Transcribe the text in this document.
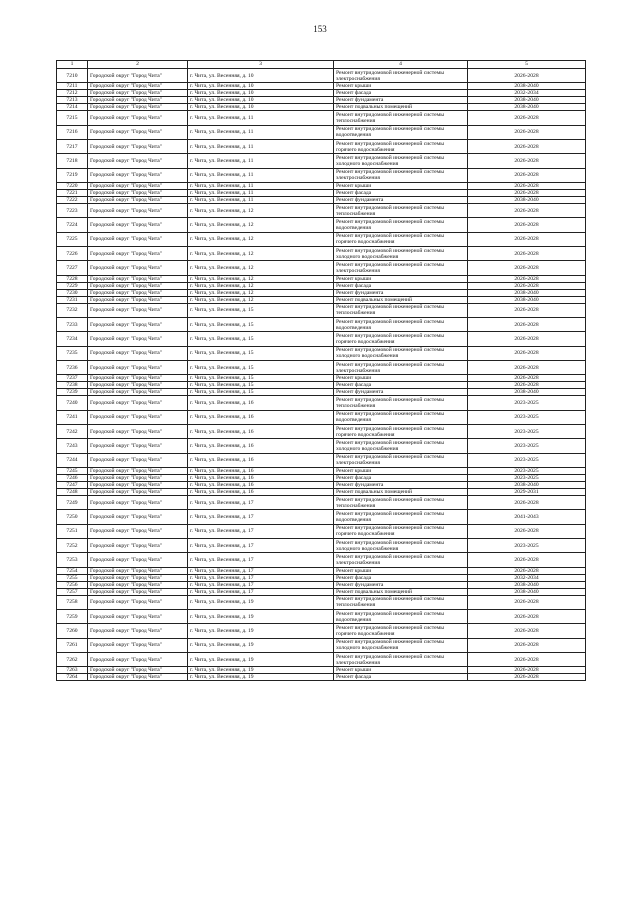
153
1	2	3	4	5
7210	Городской округ "Город Чита"	г. Чита, ул. Весенняя, д. 10	Ремонт внутридомовой инженерной системы электроснабжения	2026-2028
7211	Городской округ "Город Чита"	г. Чита, ул. Весенняя, д. 10	Ремонт крыши	2038-2040
7212	Городской округ "Город Чита"	г. Чита, ул. Весенняя, д. 10	Ремонт фасада	2032-2034
7213	Городской округ "Город Чита"	г. Чита, ул. Весенняя, д. 10	Ремонт фундамента	2038-2040
7214	Городской округ "Город Чита"	г. Чита, ул. Весенняя, д. 10	Ремонт подвальных помещений	2038-2040
7215	Городской округ "Город Чита"	г. Чита, ул. Весенняя, д. 11	Ремонт внутридомовой инженерной системы теплоснабжения	2026-2028
7216	Городской округ "Город Чита"	г. Чита, ул. Весенняя, д. 11	Ремонт внутридомовой инженерной системы водоотведения	2026-2028
7217	Городской округ "Город Чита"	г. Чита, ул. Весенняя, д. 11	Ремонт внутридомовой инженерной системы горячего водоснабжения	2026-2028
7218	Городской округ "Город Чита"	г. Чита, ул. Весенняя, д. 11	Ремонт внутридомовой инженерной системы холодного водоснабжения	2026-2028
7219	Городской округ "Город Чита"	г. Чита, ул. Весенняя, д. 11	Ремонт внутридомовой инженерной системы электроснабжения	2026-2028
7220	Городской округ "Город Чита"	г. Чита, ул. Весенняя, д. 11	Ремонт крыши	2026-2028
7221	Городской округ "Город Чита"	г. Чита, ул. Весенняя, д. 11	Ремонт фасада	2026-2028
7222	Городской округ "Город Чита"	г. Чита, ул. Весенняя, д. 11	Ремонт фундамента	2038-2040
7223	Городской округ "Город Чита"	г. Чита, ул. Весенняя, д. 12	Ремонт внутридомовой инженерной системы теплоснабжения	2026-2028
7224	Городской округ "Город Чита"	г. Чита, ул. Весенняя, д. 12	Ремонт внутридомовой инженерной системы водоотведения	2026-2028
7225	Городской округ "Город Чита"	г. Чита, ул. Весенняя, д. 12	Ремонт внутридомовой инженерной системы горячего водоснабжения	2026-2028
7226	Городской округ "Город Чита"	г. Чита, ул. Весенняя, д. 12	Ремонт внутридомовой инженерной системы холодного водоснабжения	2026-2028
7227	Городской округ "Город Чита"	г. Чита, ул. Весенняя, д. 12	Ремонт внутридомовой инженерной системы электроснабжения	2026-2028
7228	Городской округ "Город Чита"	г. Чита, ул. Весенняя, д. 12	Ремонт крыши	2026-2028
7229	Городской округ "Город Чита"	г. Чита, ул. Весенняя, д. 12	Ремонт фасада	2026-2028
7230	Городской округ "Город Чита"	г. Чита, ул. Весенняя, д. 12	Ремонт фундамента	2038-2040
7231	Городской округ "Город Чита"	г. Чита, ул. Весенняя, д. 12	Ремонт подвальных помещений	2038-2040
7232	Городской округ "Город Чита"	г. Чита, ул. Весенняя, д. 15	Ремонт внутридомовой инженерной системы теплоснабжения	2026-2028
7233	Городской округ "Город Чита"	г. Чита, ул. Весенняя, д. 15	Ремонт внутридомовой инженерной системы водоотведения	2026-2028
7234	Городской округ "Город Чита"	г. Чита, ул. Весенняя, д. 15	Ремонт внутридомовой инженерной системы горячего водоснабжения	2026-2028
7235	Городской округ "Город Чита"	г. Чита, ул. Весенняя, д. 15	Ремонт внутридомовой инженерной системы холодного водоснабжения	2026-2028
7236	Городской округ "Город Чита"	г. Чита, ул. Весенняя, д. 15	Ремонт внутридомовой инженерной системы электроснабжения	2026-2028
7237	Городской округ "Город Чита"	г. Чита, ул. Весенняя, д. 15	Ремонт крыши	2026-2028
7238	Городской округ "Город Чита"	г. Чита, ул. Весенняя, д. 15	Ремонт фасада	2026-2028
7239	Городской округ "Город Чита"	г. Чита, ул. Весенняя, д. 15	Ремонт фундамента	2038-2040
7240	Городской округ "Город Чита"	г. Чита, ул. Весенняя, д. 16	Ремонт внутридомовой инженерной системы теплоснабжения	2023-2025
7241	Городской округ "Город Чита"	г. Чита, ул. Весенняя, д. 16	Ремонт внутридомовой инженерной системы водоотведения	2023-2025
7242	Городской округ "Город Чита"	г. Чита, ул. Весенняя, д. 16	Ремонт внутридомовой инженерной системы горячего водоснабжения	2023-2025
7243	Городской округ "Город Чита"	г. Чита, ул. Весенняя, д. 16	Ремонт внутридомовой инженерной системы холодного водоснабжения	2023-2025
7244	Городской округ "Город Чита"	г. Чита, ул. Весенняя, д. 16	Ремонт внутридомовой инженерной системы электроснабжения	2023-2025
7245	Городской округ "Город Чита"	г. Чита, ул. Весенняя, д. 16	Ремонт крыши	2023-2025
7246	Городской округ "Город Чита"	г. Чита, ул. Весенняя, д. 16	Ремонт фасада	2023-2025
7247	Городской округ "Город Чита"	г. Чита, ул. Весенняя, д. 16	Ремонт фундамента	2038-2040
7248	Городской округ "Город Чита"	г. Чита, ул. Весенняя, д. 16	Ремонт подвальных помещений	2029-2031
7249	Городской округ "Город Чита"	г. Чита, ул. Весенняя, д. 17	Ремонт внутридомовой инженерной системы теплоснабжения	2026-2028
7250	Городской округ "Город Чита"	г. Чита, ул. Весенняя, д. 17	Ремонт внутридомовой инженерной системы водоотведения	2041-2043
7251	Городской округ "Город Чита"	г. Чита, ул. Весенняя, д. 17	Ремонт внутридомовой инженерной системы горячего водоснабжения	2026-2028
7252	Городской округ "Город Чита"	г. Чита, ул. Весенняя, д. 17	Ремонт внутридомовой инженерной системы холодного водоснабжения	2023-2025
7253	Городской округ "Город Чита"	г. Чита, ул. Весенняя, д. 17	Ремонт внутридомовой инженерной системы электроснабжения	2026-2028
7254	Городской округ "Город Чита"	г. Чита, ул. Весенняя, д. 17	Ремонт крыши	2026-2028
7255	Городской округ "Город Чита"	г. Чита, ул. Весенняя, д. 17	Ремонт фасада	2032-2034
7256	Городской округ "Город Чита"	г. Чита, ул. Весенняя, д. 17	Ремонт фундамента	2038-2040
7257	Городской округ "Город Чита"	г. Чита, ул. Весенняя, д. 17	Ремонт подвальных помещений	2038-2040
7258	Городской округ "Город Чита"	г. Чита, ул. Весенняя, д. 19	Ремонт внутридомовой инженерной системы теплоснабжения	2026-2028
7259	Городской округ "Город Чита"	г. Чита, ул. Весенняя, д. 19	Ремонт внутридомовой инженерной системы водоотведения	2026-2028
7260	Городской округ "Город Чита"	г. Чита, ул. Весенняя, д. 19	Ремонт внутридомовой инженерной системы горячего водоснабжения	2026-2028
7261	Городской округ "Город Чита"	г. Чита, ул. Весенняя, д. 19	Ремонт внутридомовой инженерной системы холодного водоснабжения	2026-2028
7262	Городской округ "Город Чита"	г. Чита, ул. Весенняя, д. 19	Ремонт внутридомовой инженерной системы электроснабжения	2026-2028
7263	Городской округ "Город Чита"	г. Чита, ул. Весенняя, д. 19	Ремонт крыши	2026-2028
7264	Городской округ "Город Чита"	г. Чита, ул. Весенняя, д. 19	Ремонт фасада	2026-2028
